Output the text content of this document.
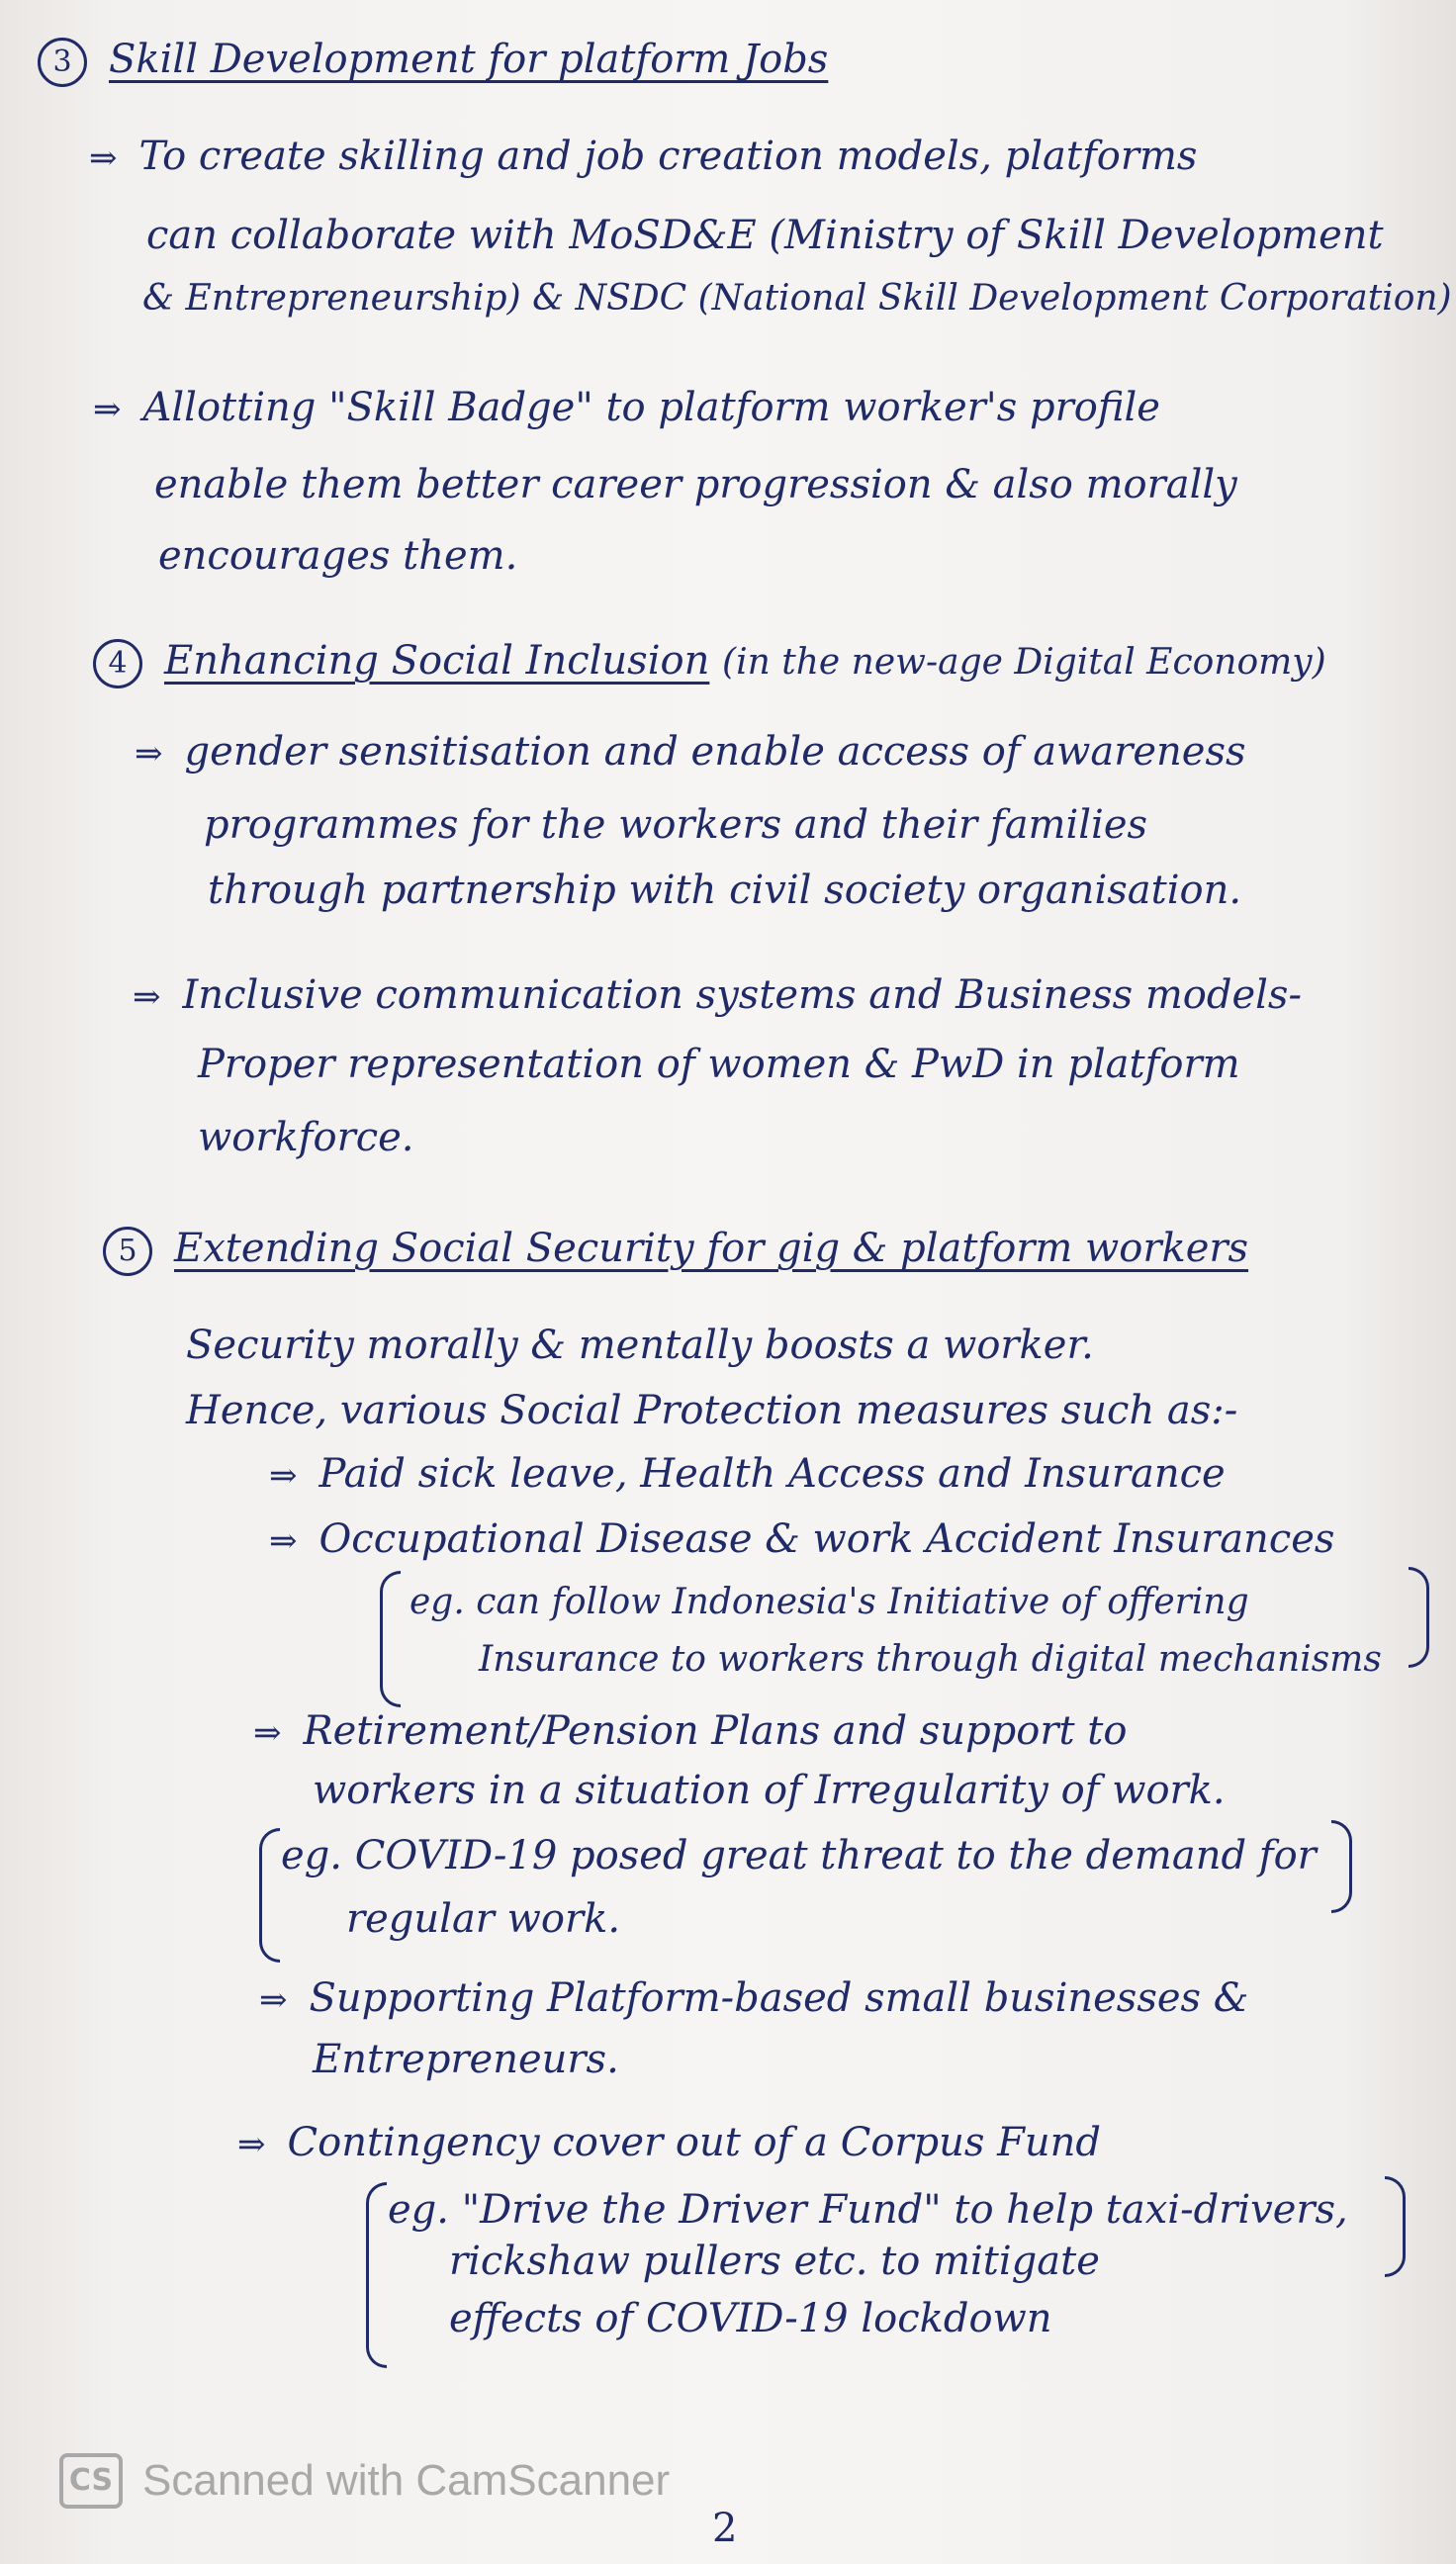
3 Skill Development for platform Jobs
⇒ To create skilling and job creation models, platforms
can collaborate with MoSD&E (Ministry of Skill Development
& Entrepreneurship) & NSDC (National Skill Development Corporation)
⇒ Allotting "Skill Badge" to platform worker's profile
enable them better career progression & also morally
encourages them.
4 Enhancing Social Inclusion (in the new-age Digital Economy)
⇒ gender sensitisation and enable access of awareness
programmes for the workers and their families
through partnership with civil society organisation.
⇒ Inclusive communication systems and Business models-
Proper representation of women & PwD in platform
workforce.
5 Extending Social Security for gig & platform workers
Security morally & mentally boosts a worker.
Hence, various Social Protection measures such as:-
⇒ Paid sick leave, Health Access and Insurance
⇒ Occupational Disease & work Accident Insurances
eg. can follow Indonesia's Initiative of offering
Insurance to workers through digital mechanisms
⇒ Retirement/Pension Plans and support to
workers in a situation of Irregularity of work.
eg. COVID-19 posed great threat to the demand for
regular work.
⇒ Supporting Platform-based small businesses &
Entrepreneurs.
⇒ Contingency cover out of a Corpus Fund
eg. "Drive the Driver Fund" to help taxi-drivers,
rickshaw pullers etc. to mitigate
effects of COVID-19 lockdown
CS Scanned with CamScanner
2
